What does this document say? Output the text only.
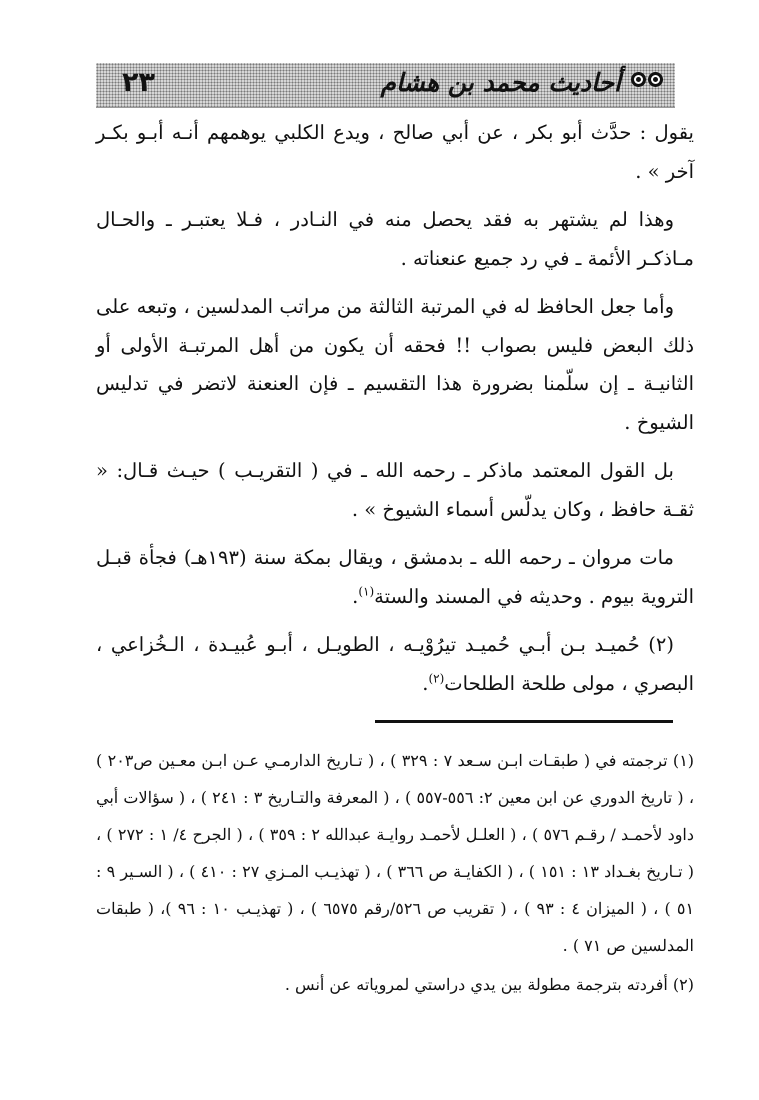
أحاديث محمد بن هشام
٢٣

يقول : حدَّث أبو بكر ، عن أبي صالح ، ويدع الكلبي يوهمهم أنـه أبـو بكـر آخر » .

وهذا لم يشتهر به فقد يحصل منه في النـادر ، فـلا يعتبـر ـ والحـال مـاذكـر الأئمة ـ في رد جميع عنعناته .

وأما جعل الحافظ له في المرتبة الثالثة من مراتب المدلسين ، وتبعه على ذلك البعض فليس بصواب !! فحقه أن يكون من أهل المرتبـة الأولى أو الثانيـة ـ إن سلّمنا بضرورة هذا التقسيم ـ فإن العنعنة لاتضر في تدليس الشيوخ .

بل القول المعتمد ماذكر ـ رحمه الله ـ في ( التقريـب ) حيـث قـال: « ثقـة حافظ ، وكان يدلّس أسماء الشيوخ » .

مات مروان ـ رحمه الله ـ بدمشق ، ويقال بمكة سنة (١٩٣هـ) فجأة قبـل التروية بيوم . وحديثه في المسند والستة$^{(١)}$.

(٢) حُميـد بـن أبـي حُميـد تيرُوْيـه ، الطويـل ، أبـو عُبيـدة ، الـخُزاعي ، البصري ، مولى طلحة الطلحات$^{(٢)}$.

(١) ترجمته في ( طبقـات ابـن سـعد ٧ : ٣٢٩ ) ، ( تـاريخ الدارمـي عـن ابـن معـين ص٢٠٣ ) ، ( تاريخ الدوري عن ابن معين ٢: ٥٥٦-٥٥٧ ) ، ( المعرفة والتـاريخ ٣ : ٢٤١ ) ، ( سؤالات أبي داود لأحمـد / رقـم ٥٧٦ ) ، ( العلـل لأحمـد روايـة عبدالله ٢ : ٣٥٩ ) ، ( الجرح ٤/ ١ : ٢٧٢ ) ، ( تـاريخ بغـداد ١٣ : ١٥١ ) ، ( الكفايـة ص ٣٦٦ ) ، ( تهذيـب المـزي ٢٧ : ٤١٠ ) ، ( السـير ٩ : ٥١ ) ، ( الميزان ٤ : ٩٣ ) ، ( تقريب ص ٥٢٦/رقم ٦٥٧٥ ) ، ( تهذيـب ١٠ : ٩٦ )، ( طبقات المدلسين ص ٧١ ) .

(٢) أفردته بترجمة مطولة بين يدي دراستي لمروياته عن أنس .
